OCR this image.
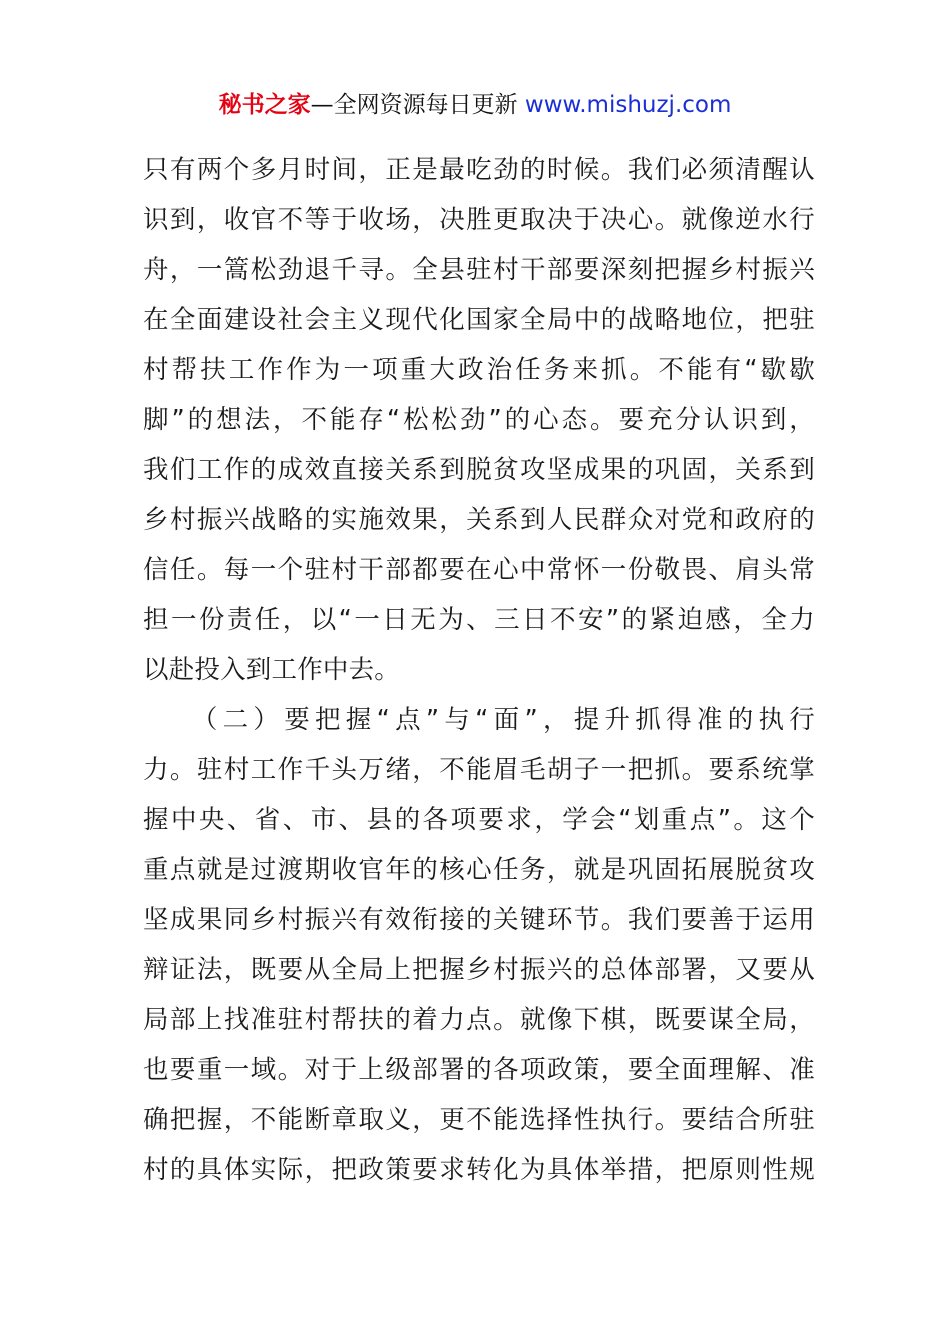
秘书之家—全网资源每日更新 www.mishuzj.com
只有两个多月时间，正是最吃劲的时候。我们必须清醒认
识到，收官不等于收场，决胜更取决于决心。就像逆水行
舟，一篙松劲退千寻。全县驻村干部要深刻把握乡村振兴
在全面建设社会主义现代化国家全局中的战略地位，把驻
村帮扶工作作为一项重大政治任务来抓。不能有“歇歇
脚”的想法，不能存“松松劲”的心态。要充分认识到，
我们工作的成效直接关系到脱贫攻坚成果的巩固，关系到
乡村振兴战略的实施效果，关系到人民群众对党和政府的
信任。每一个驻村干部都要在心中常怀一份敬畏、肩头常
担一份责任，以“一日无为、三日不安”的紧迫感，全力
以赴投入到工作中去。
　　（二）要把握“点”与“面”，提升抓得准的执行
力。驻村工作千头万绪，不能眉毛胡子一把抓。要系统掌
握中央、省、市、县的各项要求，学会“划重点”。这个
重点就是过渡期收官年的核心任务，就是巩固拓展脱贫攻
坚成果同乡村振兴有效衔接的关键环节。我们要善于运用
辩证法，既要从全局上把握乡村振兴的总体部署，又要从
局部上找准驻村帮扶的着力点。就像下棋，既要谋全局，
也要重一域。对于上级部署的各项政策，要全面理解、准
确把握，不能断章取义，更不能选择性执行。要结合所驻
村的具体实际，把政策要求转化为具体举措，把原则性规
